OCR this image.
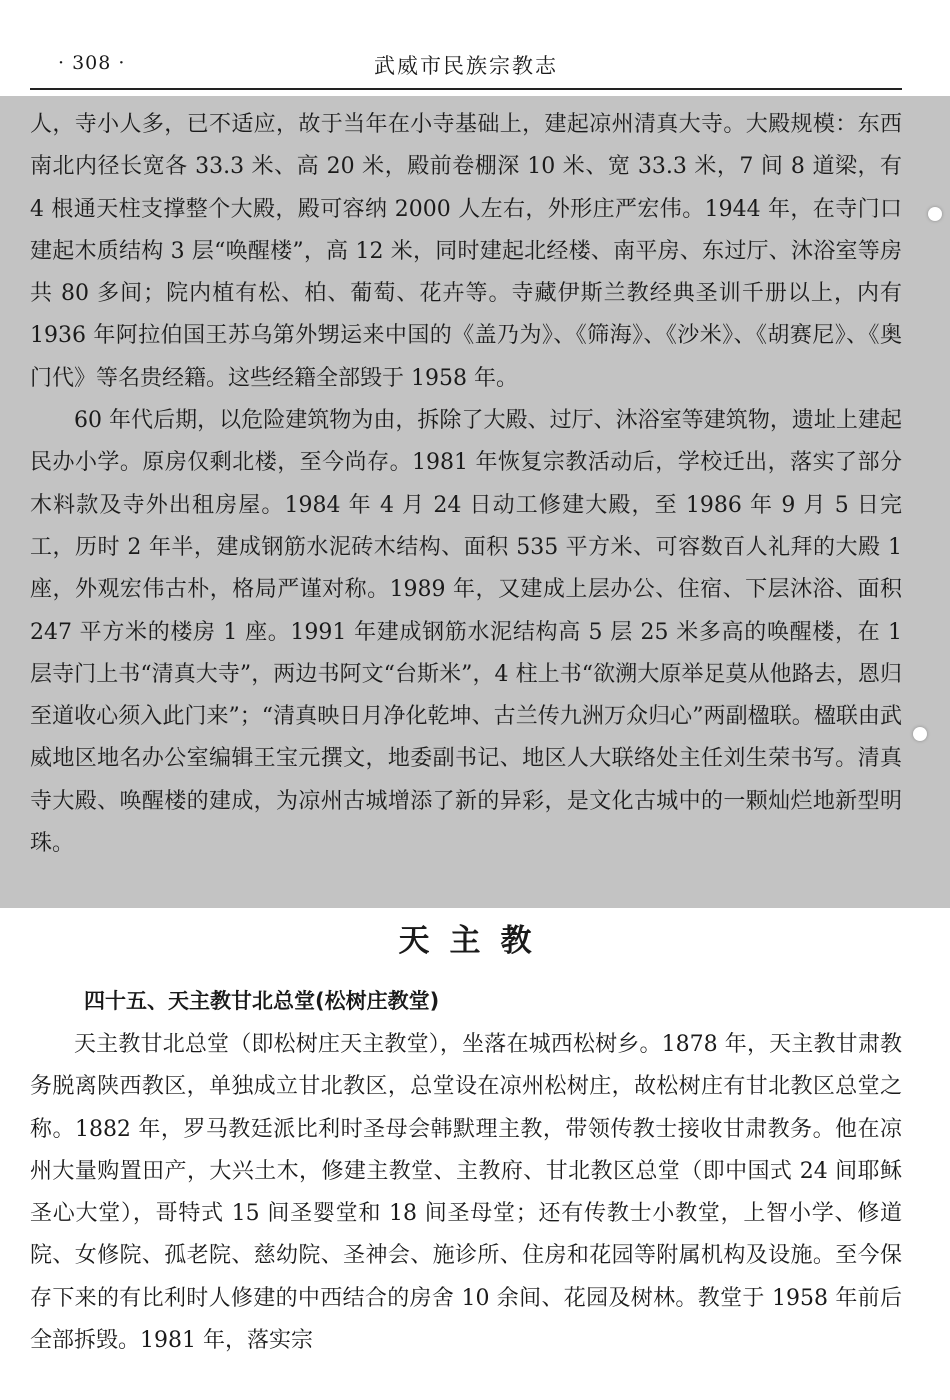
· 308 ·	武威市民族宗教志

人，寺小人多，已不适应，故于当年在小寺基础上，建起凉州清真大寺。大殿规模：东西南北内径长宽各 33.3 米、高 20 米，殿前卷棚深 10 米、宽 33.3 米，7 间 8 道梁，有 4 根通天柱支撑整个大殿，殿可容纳 2000 人左右，外形庄严宏伟。1944 年，在寺门口建起木质结构 3 层“唤醒楼”，高 12 米，同时建起北经楼、南平房、东过厅、沐浴室等房共 80 多间；院内植有松、柏、葡萄、花卉等。寺藏伊斯兰教经典圣训千册以上，内有 1936 年阿拉伯国王苏乌第外甥运来中国的《盖乃为》、《筛海》、《沙米》、《胡赛尼》、《奥门代》等名贵经籍。这些经籍全部毁于 1958 年。

60 年代后期，以危险建筑物为由，拆除了大殿、过厅、沐浴室等建筑物，遗址上建起民办小学。原房仅剩北楼，至今尚存。1981 年恢复宗教活动后，学校迁出，落实了部分木料款及寺外出租房屋。1984 年 4 月 24 日动工修建大殿，至 1986 年 9 月 5 日完工，历时 2 年半，建成钢筋水泥砖木结构、面积 535 平方米、可容数百人礼拜的大殿 1 座，外观宏伟古朴，格局严谨对称。1989 年，又建成上层办公、住宿、下层沐浴、面积 247 平方米的楼房 1 座。1991 年建成钢筋水泥结构高 5 层 25 米多高的唤醒楼，在 1 层寺门上书“清真大寺”，两边书阿文“台斯米”，4 柱上书“欲溯大原举足莫从他路去，恩归至道收心须入此门来”；“清真映日月净化乾坤、古兰传九洲万众归心”两副楹联。楹联由武威地区地名办公室编辑王宝元撰文，地委副书记、地区人大联络处主任刘生荣书写。清真寺大殿、唤醒楼的建成，为凉州古城增添了新的异彩，是文化古城中的一颗灿烂地新型明珠。

天主教
四十五、天主教甘北总堂(松树庄教堂)

天主教甘北总堂（即松树庄天主教堂），坐落在城西松树乡。1878 年，天主教甘肃教务脱离陕西教区，单独成立甘北教区，总堂设在凉州松树庄，故松树庄有甘北教区总堂之称。1882 年，罗马教廷派比利时圣母会韩默理主教，带领传教士接收甘肃教务。他在凉州大量购置田产，大兴土木，修建主教堂、主教府、甘北教区总堂（即中国式 24 间耶稣圣心大堂），哥特式 15 间圣婴堂和 18 间圣母堂；还有传教士小教堂，上智小学、修道院、女修院、孤老院、慈幼院、圣神会、施诊所、住房和花园等附属机构及设施。至今保存下来的有比利时人修建的中西结合的房舍 10 余间、花园及树林。教堂于 1958 年前后全部拆毁。1981 年，落实宗
